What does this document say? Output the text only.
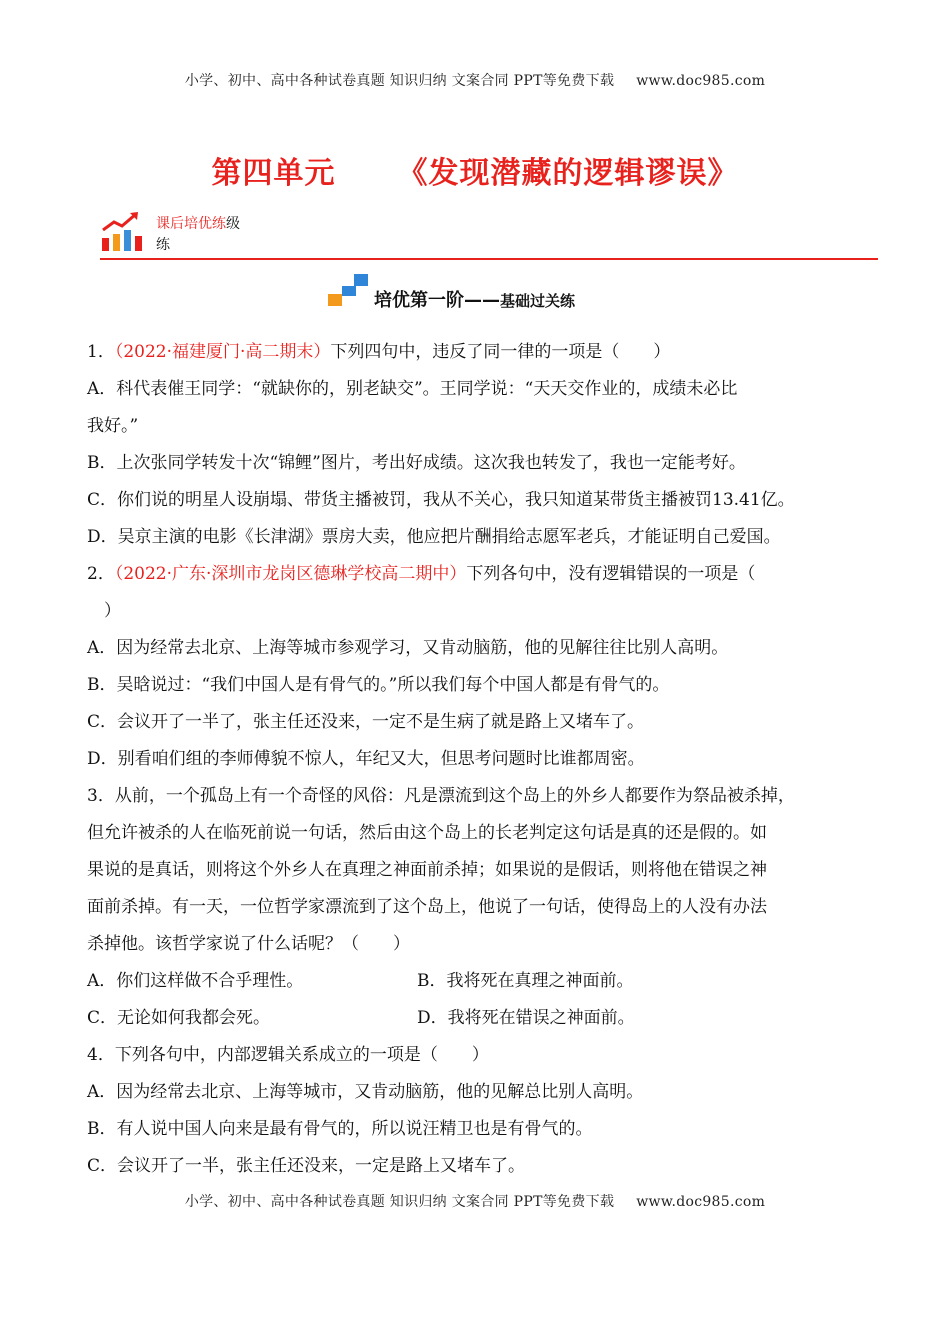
小学、初中、高中各种试卷真题 知识归纳 文案合同 PPT等免费下载 www.doc985.com
第四单元 《发现潜藏的逻辑谬误》
课后培优练级
练
培优第一阶——基础过关练

1．（2022·福建厦门·高二期末）下列四句中，违反了同一律的一项是（　　）

A．科代表催王同学：“就缺你的，别老缺交”。王同学说：“天天交作业的，成绩未必比

我好。”

B．上次张同学转发十次“锦鲤”图片，考出好成绩。这次我也转发了，我也一定能考好。

C．你们说的明星人设崩塌、带货主播被罚，我从不关心，我只知道某带货主播被罚13.41亿。

D．吴京主演的电影《长津湖》票房大卖，他应把片酬捐给志愿军老兵，才能证明自己爱国。

2．（2022·广东·深圳市龙岗区德琳学校高二期中）下列各句中，没有逻辑错误的一项是（

　）

A．因为经常去北京、上海等城市参观学习，又肯动脑筋，他的见解往往比别人高明。

B．吴晗说过：“我们中国人是有骨气的。”所以我们每个中国人都是有骨气的。

C．会议开了一半了，张主任还没来，一定不是生病了就是路上又堵车了。

D．别看咱们组的李师傅貌不惊人，年纪又大，但思考问题时比谁都周密。

3．从前，一个孤岛上有一个奇怪的风俗：凡是漂流到这个岛上的外乡人都要作为祭品被杀掉，

但允许被杀的人在临死前说一句话，然后由这个岛上的长老判定这句话是真的还是假的。如

果说的是真话，则将这个外乡人在真理之神面前杀掉；如果说的是假话，则将他在错误之神

面前杀掉。有一天，一位哲学家漂流到了这个岛上，他说了一句话，使得岛上的人没有办法

杀掉他。该哲学家说了什么话呢？（　　）

A．你们这样做不合乎理性。	B．我将死在真理之神面前。
C．无论如何我都会死。	D．我将死在错误之神面前。

4．下列各句中，内部逻辑关系成立的一项是（　　）

A．因为经常去北京、上海等城市，又肯动脑筋，他的见解总比别人高明。

B．有人说中国人向来是最有骨气的，所以说汪精卫也是有骨气的。

C．会议开了一半，张主任还没来，一定是路上又堵车了。

小学、初中、高中各种试卷真题 知识归纳 文案合同 PPT等免费下载 www.doc985.com
